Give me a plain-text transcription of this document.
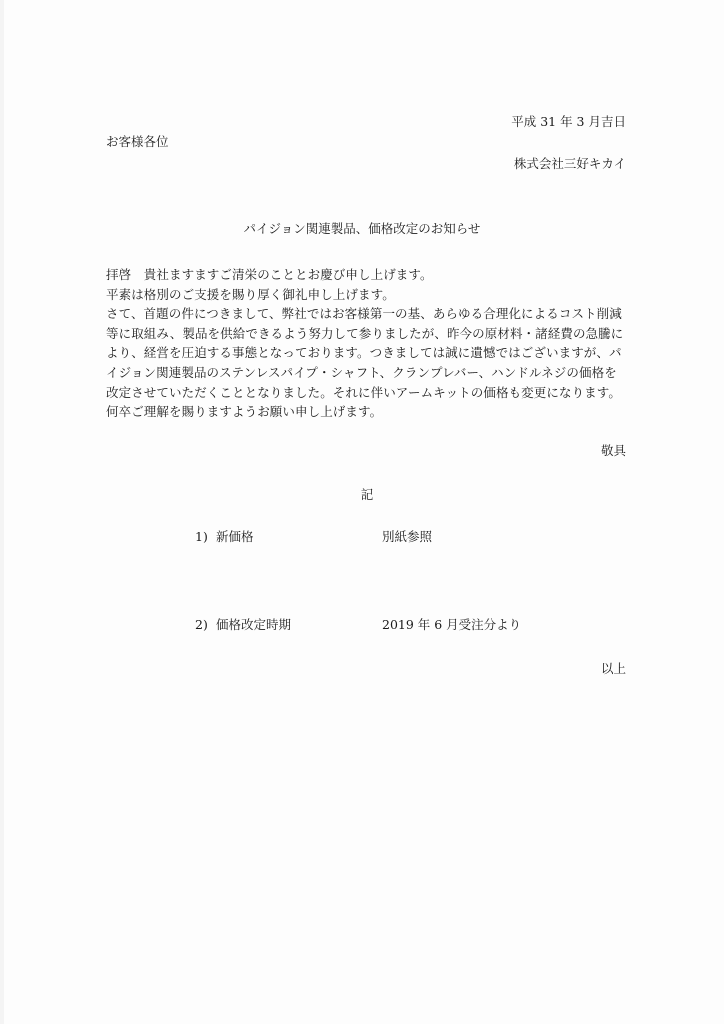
平成 31 年 3 月吉日
お客様各位
株式会社三好キカイ
パイジョン関連製品、価格改定のお知らせ

拝啓　貴社ますますご清栄のこととお慶び申し上げます。

平素は格別のご支援を賜り厚く御礼申し上げます。

さて、首題の件につきまして、弊社ではお客様第一の基、あらゆる合理化によるコスト削減

等に取組み、製品を供給できるよう努力して参りましたが、昨今の原材料・諸経費の急騰に

より、経営を圧迫する事態となっております。つきましては誠に遺憾ではございますが、パ

イジョン関連製品のステンレスパイプ・シャフト、クランプレバー、ハンドルネジの価格を

改定させていただくこととなりました。それに伴いアームキットの価格も変更になります。

何卒ご理解を賜りますようお願い申し上げます。

敬具
記
1) 新価格	別紙参照
2) 価格改定時期	2019 年 6 月受注分より
以上
